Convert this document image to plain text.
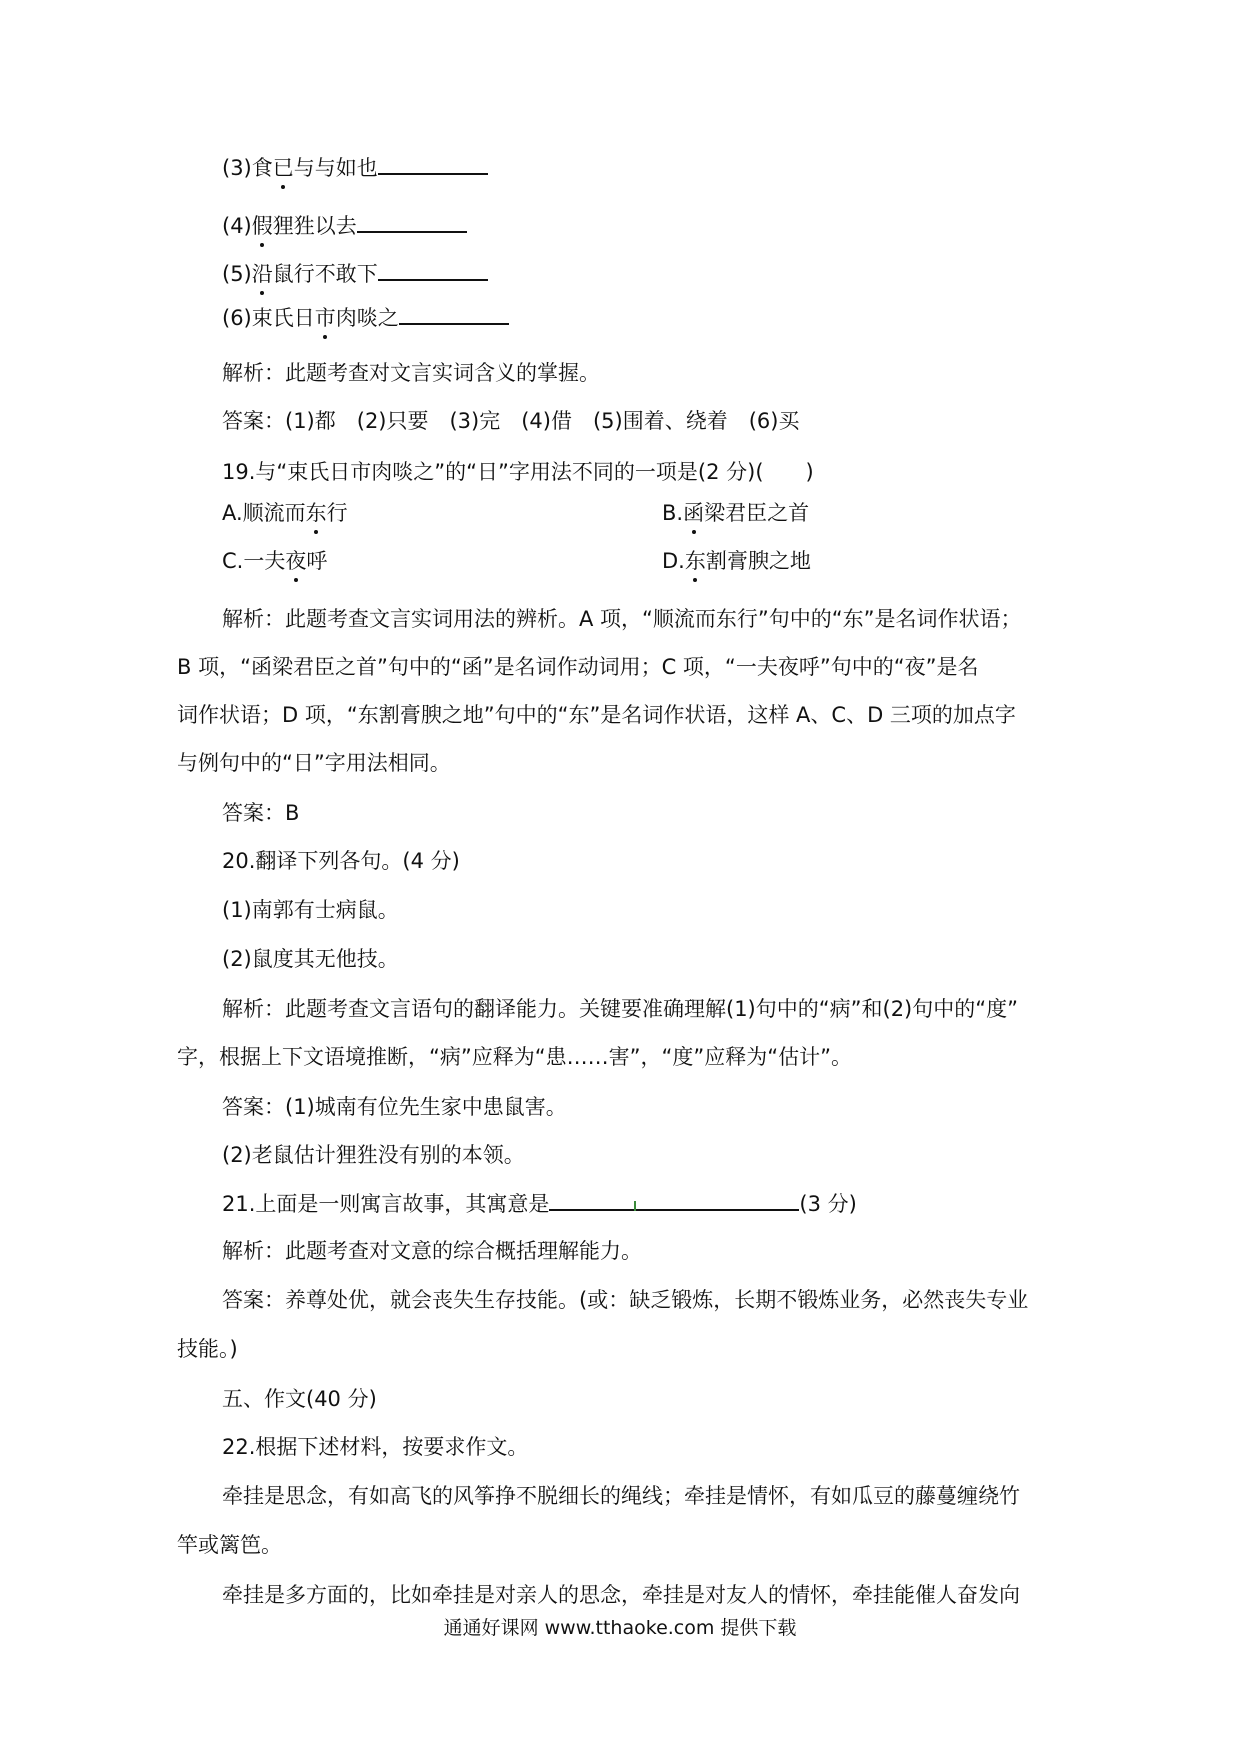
(3)食已与与如也
(4)假狸狌以去
(5)沿鼠行不敢下
(6)束氏日市肉啖之
解析：此题考查对文言实词含义的掌握。
答案：(1)都　(2)只要　(3)完　(4)借　(5)围着、绕着　(6)买
19.与“束氏日市肉啖之”的“日”字用法不同的一项是(2 分)(　　)
A.顺流而东行	B.函梁君臣之首
C.一夫夜呼	D.东割膏腴之地
解析：此题考查文言实词用法的辨析。A 项，“顺流而东行”句中的“东”是名词作状语；
B 项，“函梁君臣之首”句中的“函”是名词作动词用；C 项，“一夫夜呼”句中的“夜”是名
词作状语；D 项，“东割膏腴之地”句中的“东”是名词作状语，这样 A、C、D 三项的加点字
与例句中的“日”字用法相同。
答案：B
20.翻译下列各句。(4 分)
(1)南郭有士病鼠。
(2)鼠度其无他技。
解析：此题考查文言语句的翻译能力。关键要准确理解(1)句中的“病”和(2)句中的“度”
字，根据上下文语境推断，“病”应释为“患……害”，“度”应释为“估计”。
答案：(1)城南有位先生家中患鼠害。
(2)老鼠估计狸狌没有别的本领。
21.上面是一则寓言故事，其寓意是	(3 分)
解析：此题考查对文意的综合概括理解能力。
答案：养尊处优，就会丧失生存技能。(或：缺乏锻炼，长期不锻炼业务，必然丧失专业
技能。)
五、作文(40 分)
22.根据下述材料，按要求作文。
牵挂是思念，有如高飞的风筝挣不脱细长的绳线；牵挂是情怀，有如瓜豆的藤蔓缠绕竹
竿或篱笆。
牵挂是多方面的，比如牵挂是对亲人的思念，牵挂是对友人的情怀，牵挂能催人奋发向
通通好课网 www.tthaoke.com 提供下载
